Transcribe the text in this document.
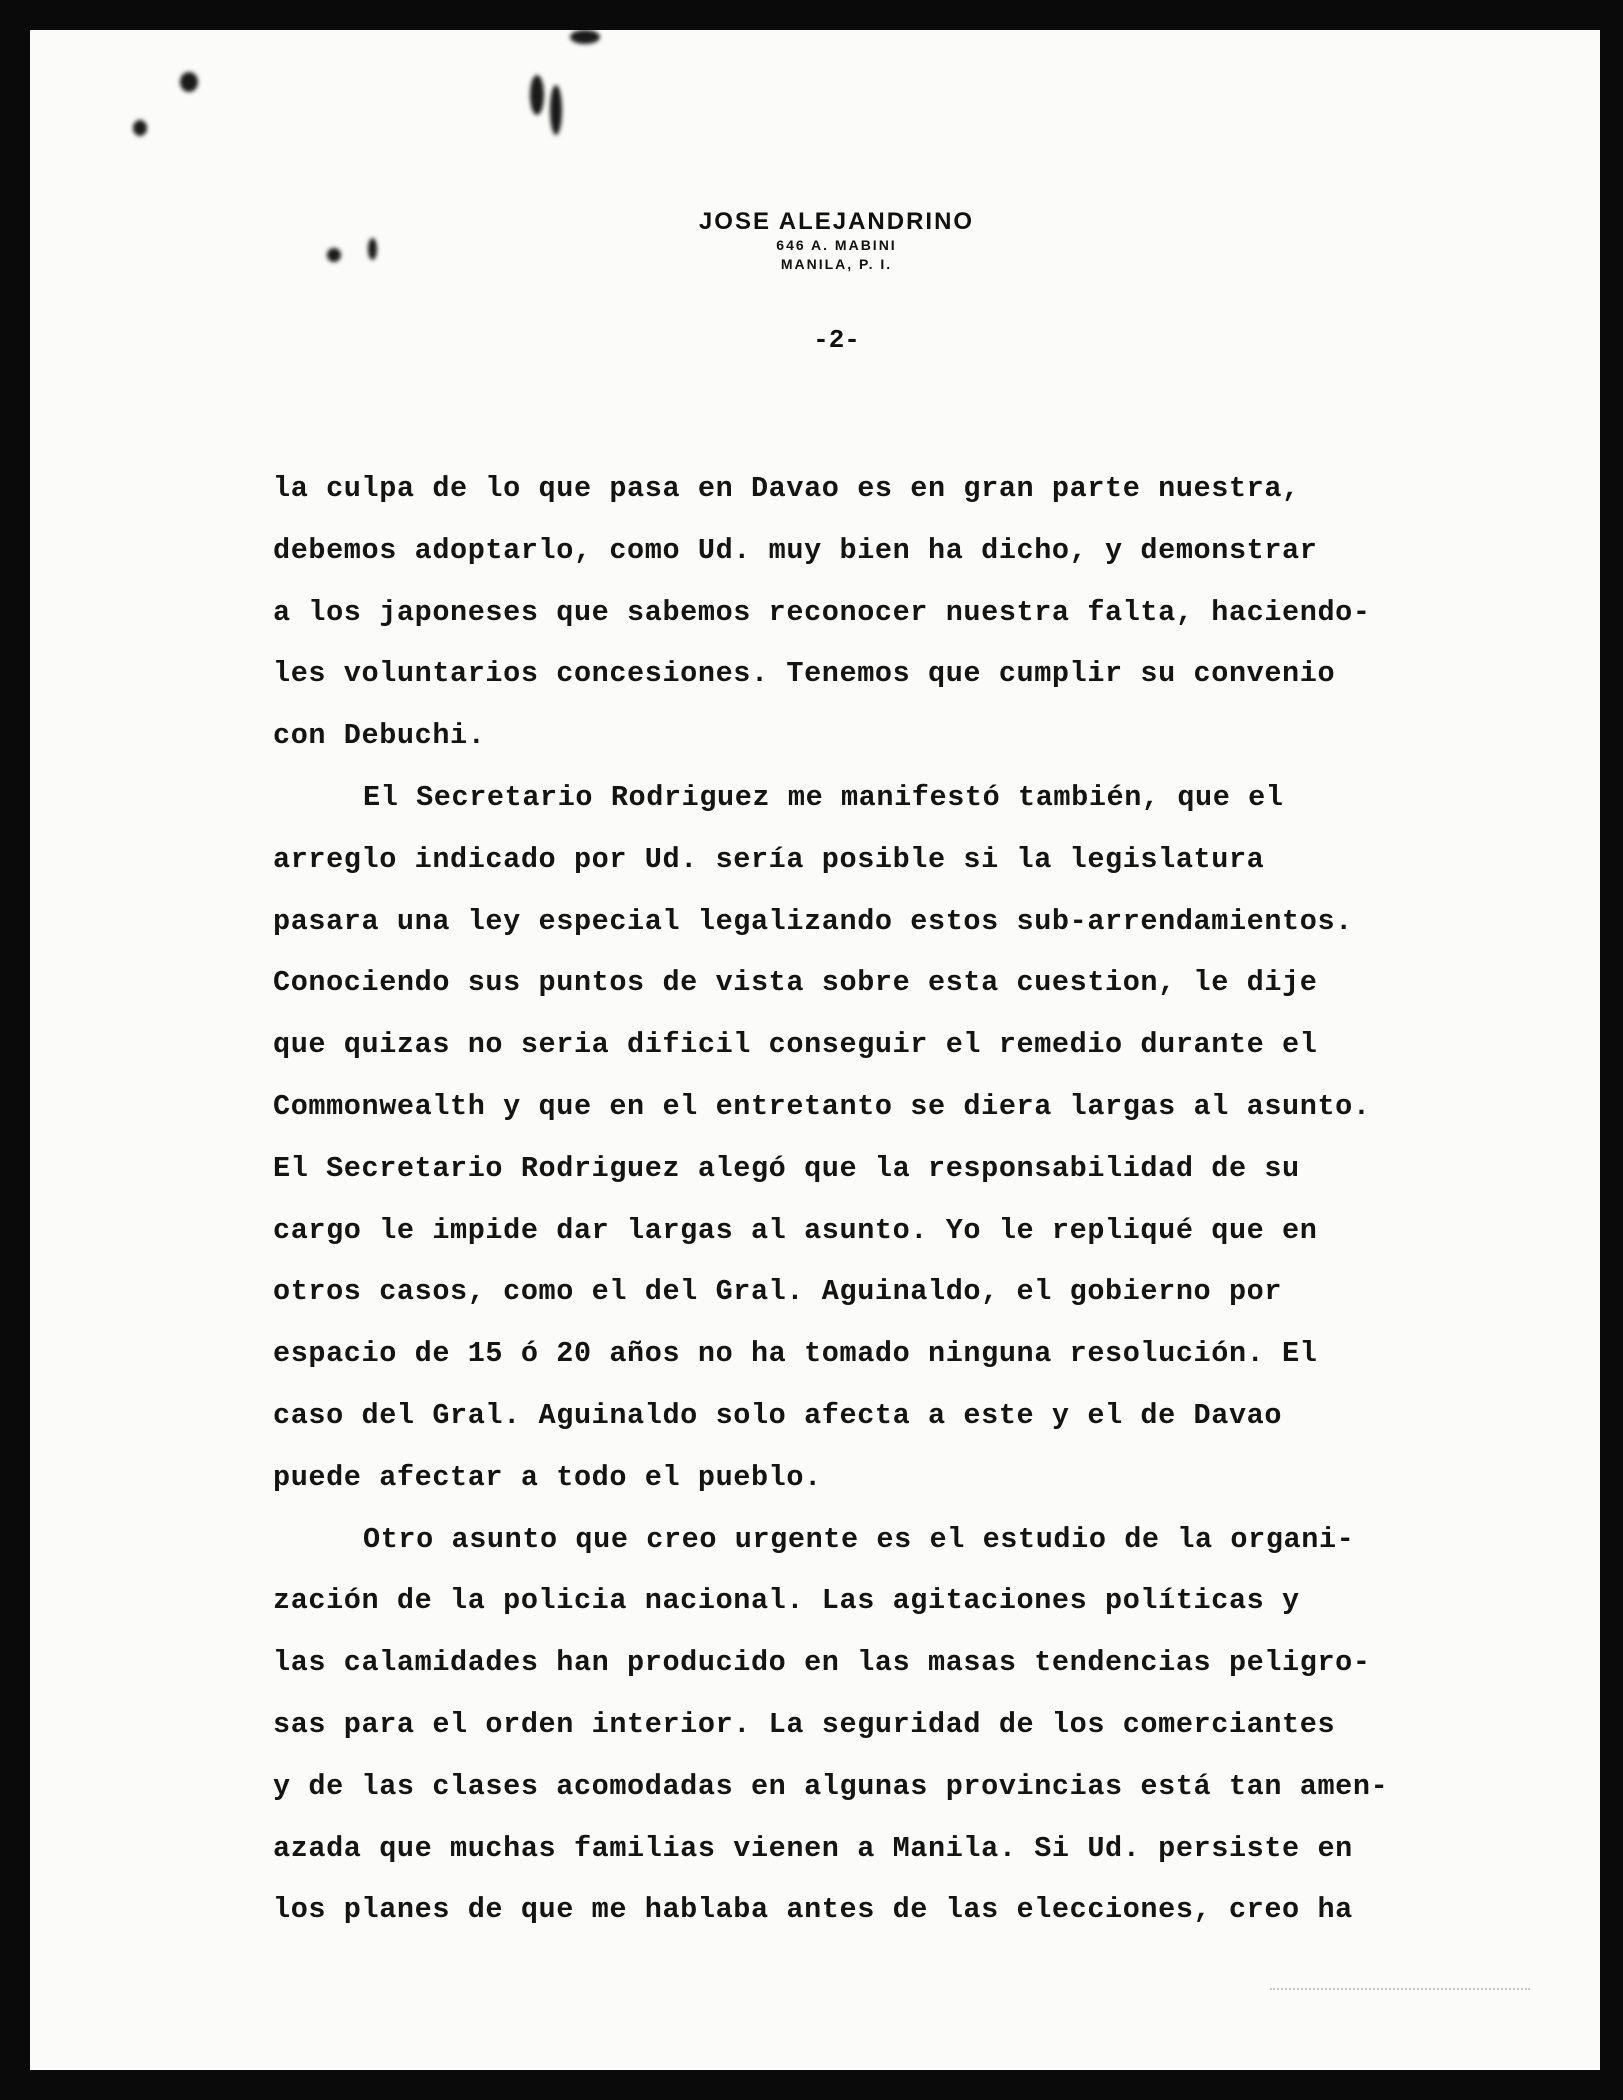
JOSE ALEJANDRINO
646 A. MABINI
MANILA, P. I.
-2-
la culpa de lo que pasa en Davao es en gran parte nuestra,
debemos adoptarlo, como Ud. muy bien ha dicho, y demonstrar
a los japoneses que sabemos reconocer nuestra falta, haciendo-
les voluntarios concesiones. Tenemos que cumplir su convenio
con Debuchi.
El Secretario Rodriguez me manifestó también, que el
arreglo indicado por Ud. sería posible si la legislatura
pasara una ley especial legalizando estos sub-arrendamientos.
Conociendo sus puntos de vista sobre esta cuestion, le dije
que quizas no seria dificil conseguir el remedio durante el
Commonwealth y que en el entretanto se diera largas al asunto.
El Secretario Rodriguez alegó que la responsabilidad de su
cargo le impide dar largas al asunto. Yo le repliqué que en
otros casos, como el del Gral. Aguinaldo, el gobierno por
espacio de 15 ó 20 años no ha tomado ninguna resolución. El
caso del Gral. Aguinaldo solo afecta a este y el de Davao
puede afectar a todo el pueblo.
Otro asunto que creo urgente es el estudio de la organi-
zación de la policia nacional. Las agitaciones políticas y
las calamidades han producido en las masas tendencias peligro-
sas para el orden interior. La seguridad de los comerciantes
y de las clases acomodadas en algunas provincias está tan amen-
azada que muchas familias vienen a Manila. Si Ud. persiste en
los planes de que me hablaba antes de las elecciones, creo ha
